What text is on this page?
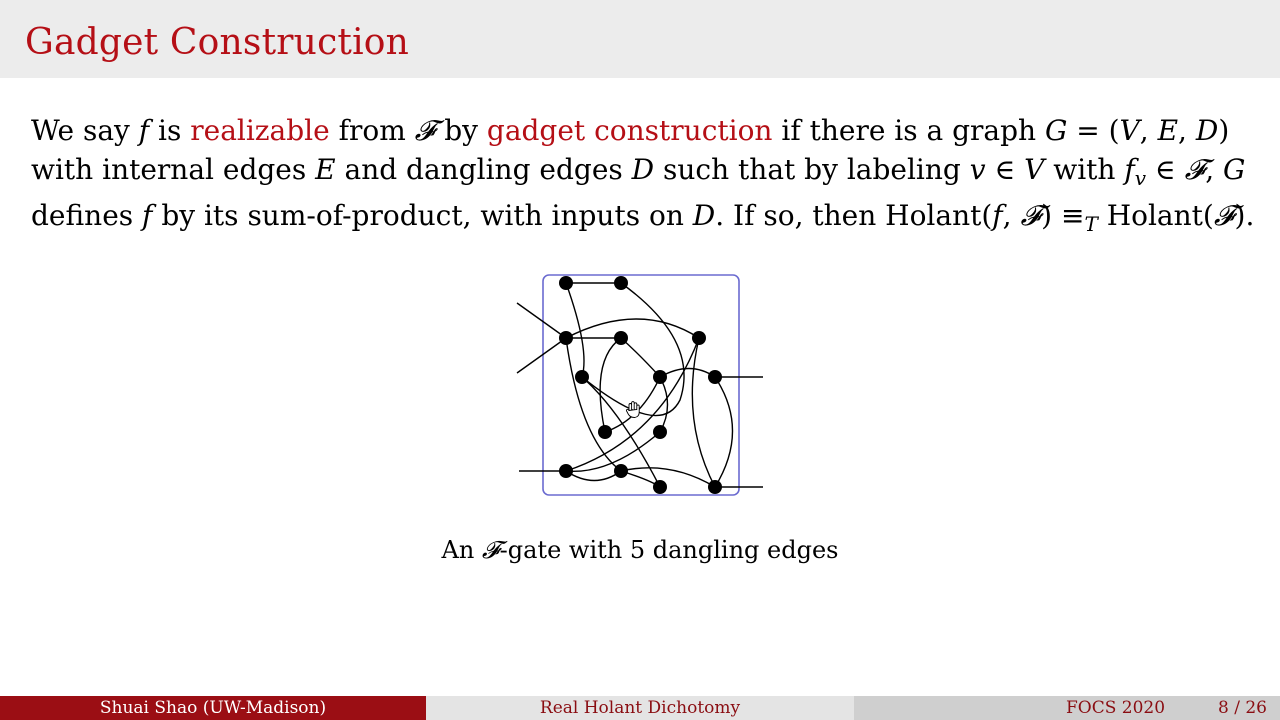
Gadget Construction
We say f is realizable from 𝓕 by gadget construction if there is a graph G = (V, E, D)
with internal edges E and dangling edges D such that by labeling v ∈ V with $f_v$ ∈ 𝓕, G
defines f by its sum-of-product, with inputs on D. If so, then Holant(f, 𝓕) $\equiv_T$ Holant(𝓕).
An 𝓕-gate with 5 dangling edges
Shuai Shao (UW-Madison)	Real Holant Dichotomy	FOCS 2020	8 / 26
